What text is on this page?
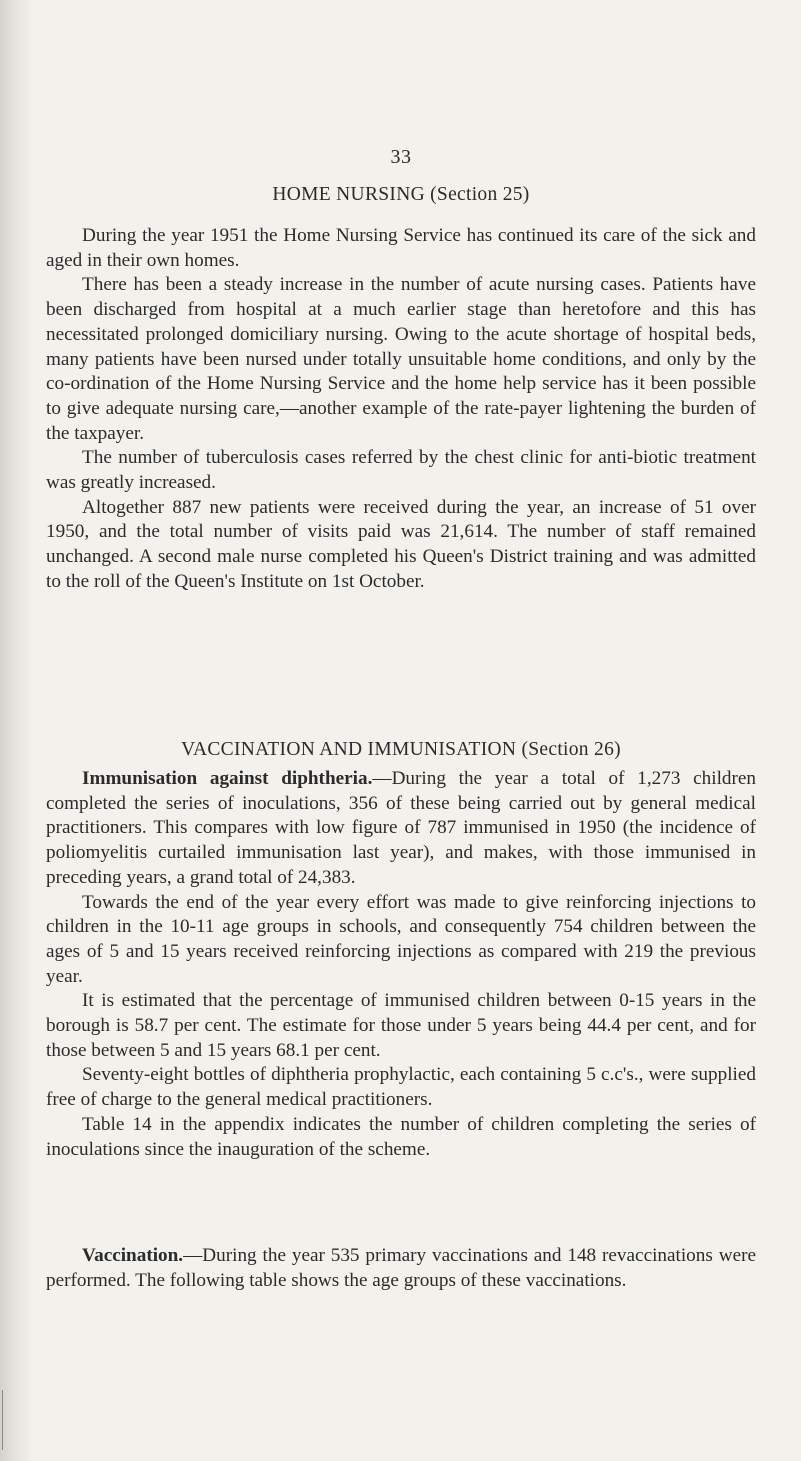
33
HOME NURSING (Section 25)

During the year 1951 the Home Nursing Service has continued its care of the sick and aged in their own homes.

There has been a steady increase in the number of acute nursing cases. Patients have been discharged from hospital at a much earlier stage than heretofore and this has necessitated prolonged domiciliary nursing. Owing to the acute shortage of hospital beds, many patients have been nursed under totally unsuitable home conditions, and only by the co-ordination of the Home Nursing Service and the home help service has it been possible to give adequate nursing care,—another example of the rate-payer lightening the burden of the taxpayer.

The number of tuberculosis cases referred by the chest clinic for anti-biotic treatment was greatly increased.

Altogether 887 new patients were received during the year, an increase of 51 over 1950, and the total number of visits paid was 21,614. The number of staff remained unchanged. A second male nurse completed his Queen's District training and was admitted to the roll of the Queen's Institute on 1st October.

VACCINATION AND IMMUNISATION (Section 26)

Immunisation against diphtheria.—During the year a total of 1,273 children completed the series of inoculations, 356 of these being carried out by general medical practitioners. This compares with low figure of 787 immunised in 1950 (the incidence of poliomyelitis curtailed immunisation last year), and makes, with those immunised in preceding years, a grand total of 24,383.

Towards the end of the year every effort was made to give reinforcing injections to children in the 10-11 age groups in schools, and consequently 754 children between the ages of 5 and 15 years received reinforcing injections as compared with 219 the previous year.

It is estimated that the percentage of immunised children between 0-15 years in the borough is 58.7 per cent. The estimate for those under 5 years being 44.4 per cent, and for those between 5 and 15 years 68.1 per cent.

Seventy-eight bottles of diphtheria prophylactic, each containing 5 c.c's., were supplied free of charge to the general medical practitioners.

Table 14 in the appendix indicates the number of children completing the series of inoculations since the inauguration of the scheme.

Vaccination.—During the year 535 primary vaccinations and 148 revaccinations were performed. The following table shows the age groups of these vaccinations.
